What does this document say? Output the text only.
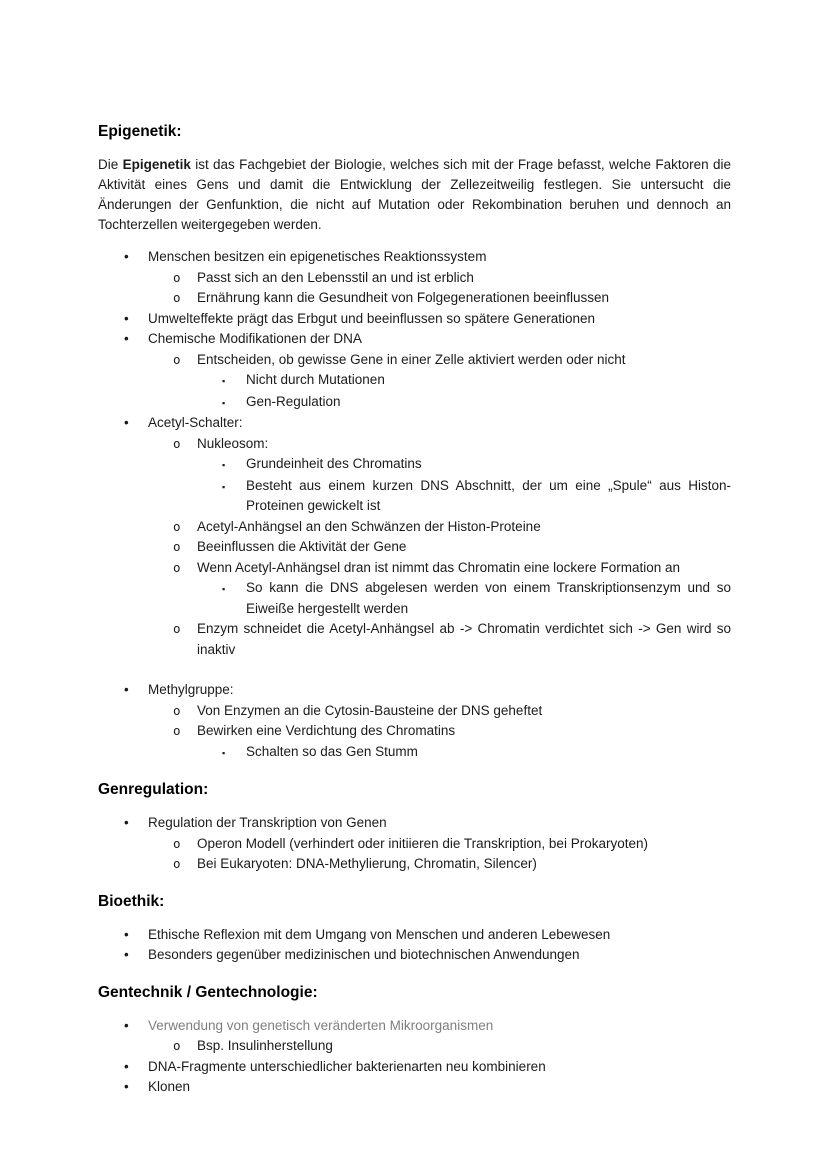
Epigenetik:

Die Epigenetik ist das Fachgebiet der Biologie, welches sich mit der Frage befasst, welche Faktoren die Aktivität eines Gens und damit die Entwicklung der Zellezeitweilig festlegen. Sie untersucht die Änderungen der Genfunktion, die nicht auf Mutation oder Rekombination beruhen und dennoch an Tochterzellen weitergegeben werden.

•	Menschen besitzen ein epigenetisches Reaktionssystem
o	Passt sich an den Lebensstil an und ist erblich
o	Ernährung kann die Gesundheit von Folgegenerationen beeinflussen
•	Umwelteffekte prägt das Erbgut und beeinflussen so spätere Generationen
•	Chemische Modifikationen der DNA
o	Entscheiden, ob gewisse Gene in einer Zelle aktiviert werden oder nicht
▪	Nicht durch Mutationen
▪	Gen-Regulation
•	Acetyl-Schalter:
o	Nukleosom:
▪	Grundeinheit des Chromatins
▪	Besteht aus einem kurzen DNS Abschnitt, der um eine „Spule“ aus Histon-Proteinen gewickelt ist
o	Acetyl-Anhängsel an den Schwänzen der Histon-Proteine
o	Beeinflussen die Aktivität der Gene
o	Wenn Acetyl-Anhängsel dran ist nimmt das Chromatin eine lockere Formation an
▪	So kann die DNS abgelesen werden von einem Transkriptionsenzym und so Eiweiße hergestellt werden
o	Enzym schneidet die Acetyl-Anhängsel ab -> Chromatin verdichtet sich -> Gen wird so inaktiv
•	Methylgruppe:
o	Von Enzymen an die Cytosin-Bausteine der DNS geheftet
o	Bewirken eine Verdichtung des Chromatins
▪	Schalten so das Gen Stumm
Genregulation:
•	Regulation der Transkription von Genen
o	Operon Modell (verhindert oder initiieren die Transkription, bei Prokaryoten)
o	Bei Eukaryoten: DNA-Methylierung, Chromatin, Silencer)
Bioethik:
•	Ethische Reflexion mit dem Umgang von Menschen und anderen Lebewesen
•	Besonders gegenüber medizinischen und biotechnischen Anwendungen
Gentechnik / Gentechnologie:
•	Verwendung von genetisch veränderten Mikroorganismen
o	Bsp. Insulinherstellung
•	DNA-Fragmente unterschiedlicher bakterienarten neu kombinieren
•	Klonen
